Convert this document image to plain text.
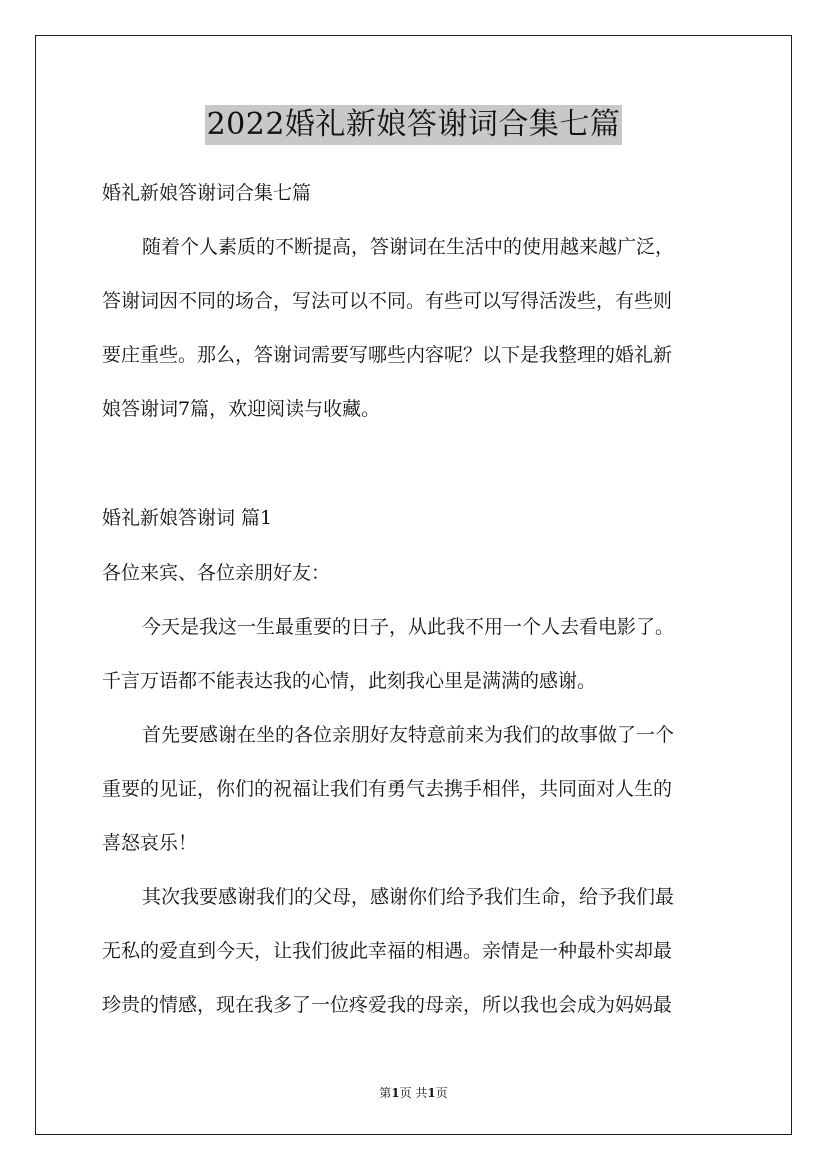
2022婚礼新娘答谢词合集七篇

婚礼新娘答谢词合集七篇

随着个人素质的不断提高，答谢词在生活中的使用越来越广泛，

答谢词因不同的场合，写法可以不同。有些可以写得活泼些，有些则

要庄重些。那么，答谢词需要写哪些内容呢？以下是我整理的婚礼新

娘答谢词7篇，欢迎阅读与收藏。

婚礼新娘答谢词 篇1

各位来宾、各位亲朋好友：

今天是我这一生最重要的日子，从此我不用一个人去看电影了。

千言万语都不能表达我的心情，此刻我心里是满满的感谢。

首先要感谢在坐的各位亲朋好友特意前来为我们的故事做了一个

重要的见证，你们的祝福让我们有勇气去携手相伴，共同面对人生的

喜怒哀乐！

其次我要感谢我们的父母，感谢你们给予我们生命，给予我们最

无私的爱直到今天，让我们彼此幸福的相遇。亲情是一种最朴实却最

珍贵的情感，现在我多了一位疼爱我的母亲，所以我也会成为妈妈最

第1页 共1页
